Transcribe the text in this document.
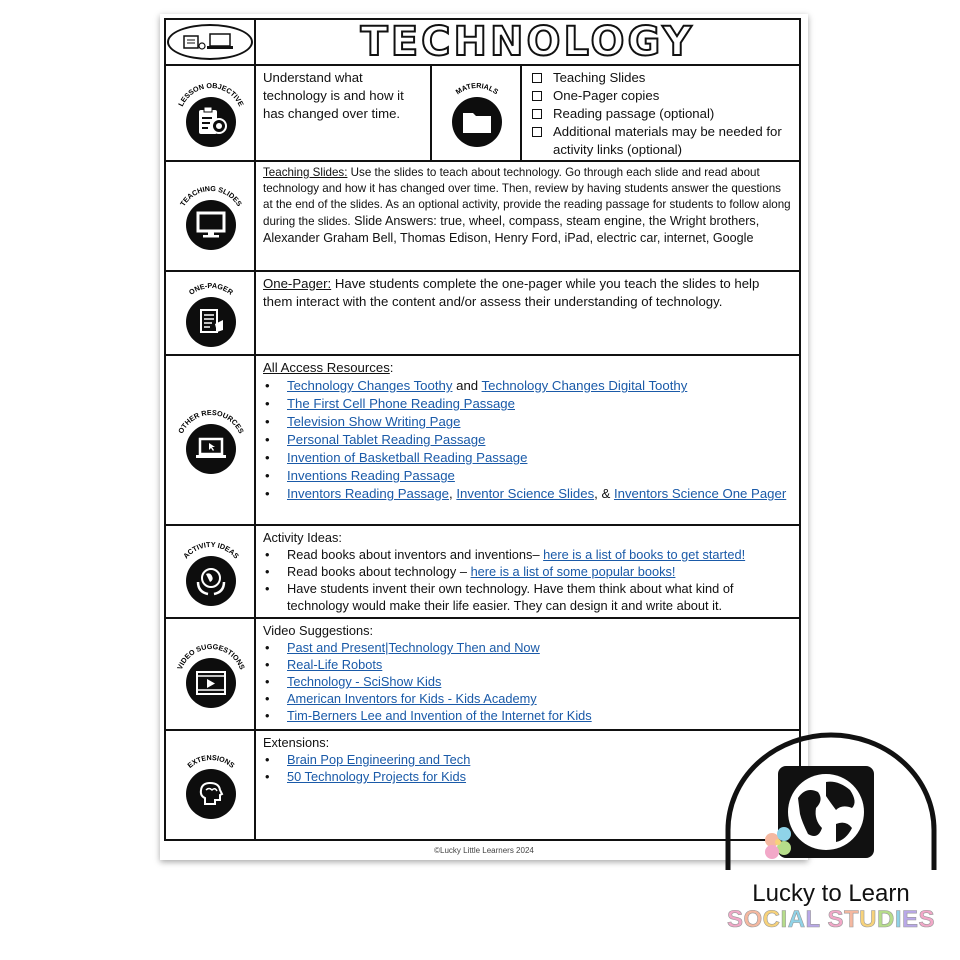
TECHNOLOGY
LESSON OBJECTIVE
Understand what technology is and how it has changed over time.
MATERIALS
Teaching Slides
One-Pager copies
Reading passage (optional)
Additional materials may be needed for activity links (optional)
TEACHING SLIDES
Teaching Slides: Use the slides to teach about technology. Go through each slide and read about technology and how it has changed over time. Then, review by having students answer the questions at the end of the slides. As an optional activity, provide the reading passage for students to follow along during the slides. Slide Answers: true, wheel, compass, steam engine, the Wright brothers, Alexander Graham Bell, Thomas Edison, Henry Ford, iPad, electric car, internet, Google
ONE-PAGER
One-Pager: Have students complete the one-pager while you teach the slides to help them interact with the content and/or assess their understanding of technology.
OTHER RESOURCES
All Access Resources:
• Technology Changes Toothy and Technology Changes Digital Toothy
• The First Cell Phone Reading Passage
• Television Show Writing Page
• Personal Tablet Reading Passage
• Invention of Basketball Reading Passage
• Inventions Reading Passage
• Inventors Reading Passage, Inventor Science Slides, & Inventors Science One Pager
ACTIVITY IDEAS
Activity Ideas:
• Read books about inventors and inventions– here is a list of books to get started!
• Read books about technology – here is a list of some popular books!
• Have students invent their own technology. Have them think about what kind of technology would make their life easier. They can design it and write about it.
VIDEO SUGGESTIONS
Video Suggestions:
• Past and Present|Technology Then and Now
• Real-Life Robots
• Technology - SciShow Kids
• American Inventors for Kids - Kids Academy
• Tim-Berners Lee and Invention of the Internet for Kids
EXTENSIONS
Extensions:
• Brain Pop Engineering and Tech
• 50 Technology Projects for Kids
©Lucky Little Learners 2024
Lucky to Learn
SOCIAL STUDIES
